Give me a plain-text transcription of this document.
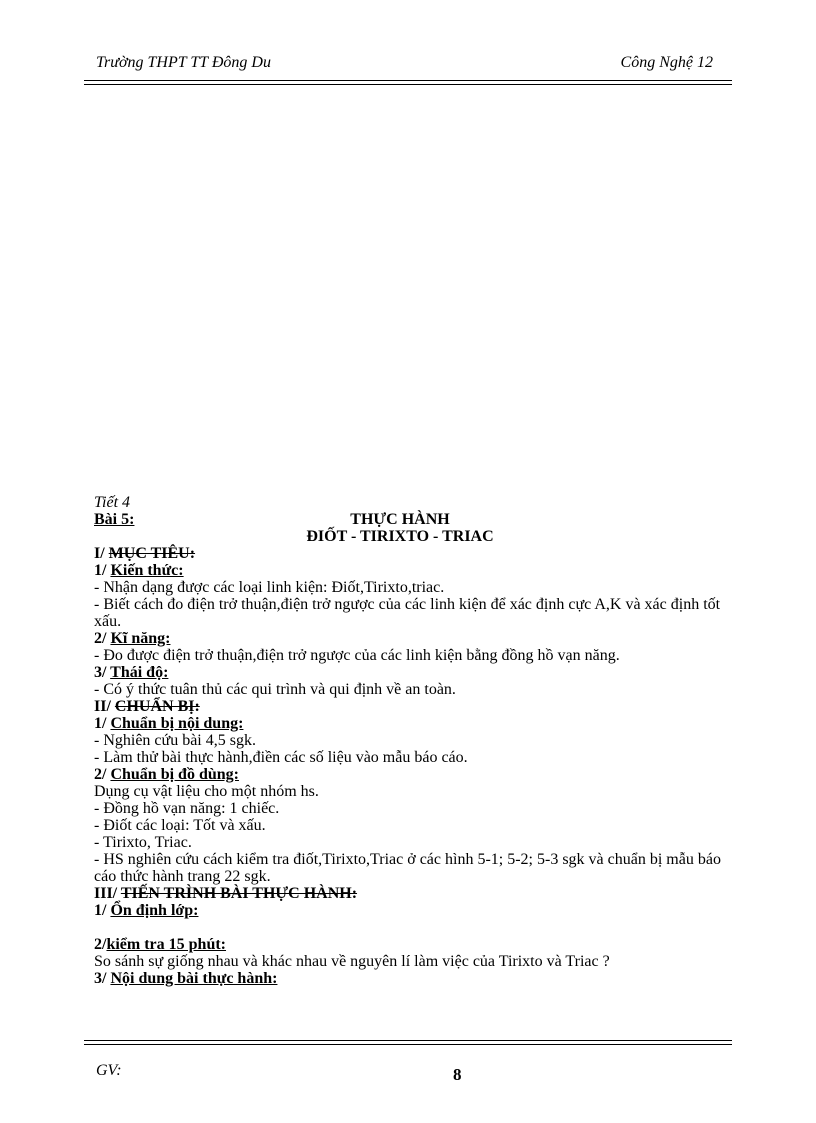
Trường THPT TT Đông Du	Công Nghệ 12
Tiết 4
Bài 5:	THỰC HÀNH
ĐIỐT - TIRIXTO - TRIAC
I/ MỤC TIÊU:
1/ Kiến thức:
- Nhận dạng được các loại linh kiện: Điốt,Tirixto,triac.
- Biết cách đo điện trở thuận,điện trở ngược của các linh kiện để xác định cực A,K và xác định tốt xấu.
2/ Kĩ năng:
- Đo được điện trở thuận,điện trở ngược của các linh kiện bằng đồng hồ vạn năng.
3/ Thái độ:
- Có ý thức tuân thủ các qui trình và qui định về an toàn.
II/ CHUẨN BỊ:
1/ Chuẩn bị nội dung:
- Nghiên cứu bài 4,5 sgk.
- Làm thử bài thực hành,điền các số liệu vào mẫu báo cáo.
2/ Chuẩn bị đồ dùng:
Dụng cụ vật liệu cho một nhóm hs.
- Đồng hồ vạn năng: 1 chiếc.
- Điốt các loại: Tốt và xấu.
- Tirixto, Triac.
- HS nghiên cứu cách kiểm tra điốt,Tirixto,Triac ở các hình 5-1; 5-2; 5-3 sgk và chuẩn bị mẫu báo cáo thức hành trang 22 sgk.
III/ TIẾN TRÌNH BÀI THỰC HÀNH:
1/ Ổn định lớp:
2/kiểm tra 15 phút:
So sánh sự giống nhau và khác nhau về nguyên lí làm việc của Tirixto và Triac ?
3/ Nội dung bài thực hành:
GV:	8
